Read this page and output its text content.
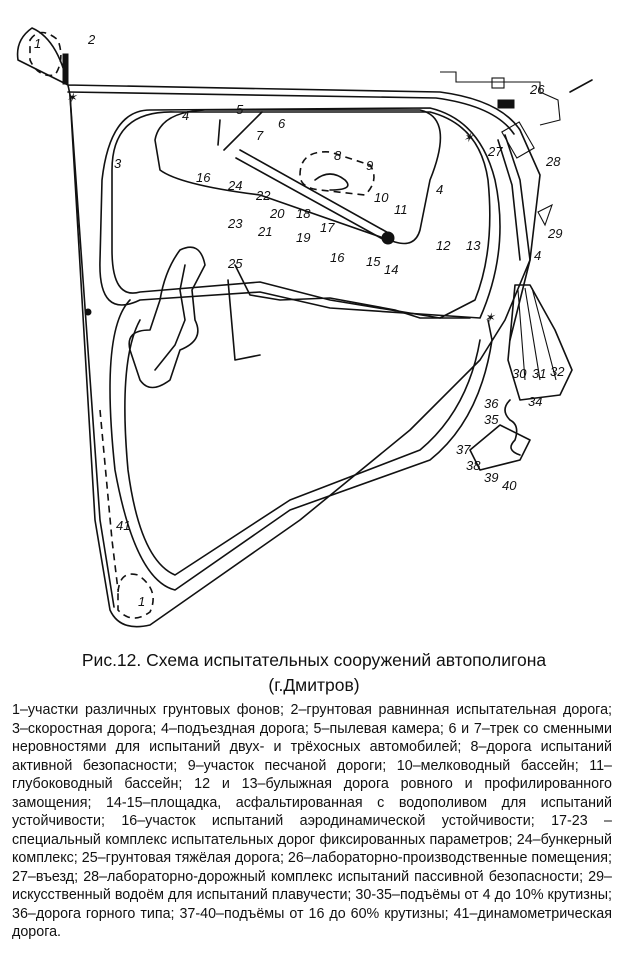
✶
✶
✶
1
1
2
3
4
4
4
5
6
7
8
9
10
11
12 13
14
15
16
16
17
18
19
20
21
22
23
24
25
26
27
28
29
30 31 32
34
35
36
37
38
39
40
41
Рис.12. Схема испытательных сооружений автополигона
(г.Дмитров)
1–участки различных грунтовых фонов; 2–грунтовая равнинная испытательная дорога; 3–скоростная дорога; 4–подъездная дорога; 5–пылевая камера; 6 и 7–трек со сменными неровностями для испытаний двух- и трёхосных автомобилей; 8–дорога испытаний активной безопасности; 9–участок песчаной дороги; 10–мелководный бассейн; 11–глубоководный бассейн; 12 и 13–булыжная дорога ровного и профилированного замощения; 14-15–площадка, асфальтированная с водополивом для испытаний устойчивости; 16–участок испытаний аэродинамической устойчивости; 17-23 –специальный комплекс испытательных дорог фиксированных параметров; 24–бункерный комплекс; 25–грунтовая тяжёлая дорога; 26–лабораторно-производственные помещения; 27–въезд; 28–лабораторно-дорожный комплекс испытаний пассивной безопасности; 29–искусственный водоём для испытаний плавучести; 30-35–подъёмы от 4 до 10% крутизны; 36–дорога горного типа; 37-40–подъёмы от 16 до 60% крутизны; 41–динамометрическая дорога.
